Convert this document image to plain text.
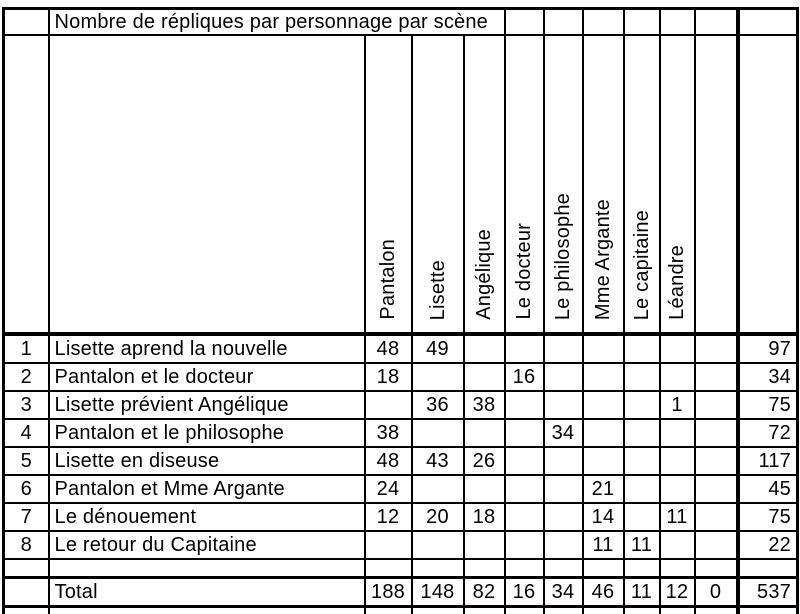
	Nombre de répliques par personnage par scène										
		Pantalon	Lisette	Angélique	Le docteur	Le philosophe	Mme Argante	Le capitaine	Léandre		
1	Lisette aprend la nouvelle	48	49								97
2	Pantalon et le docteur	18			16						34
3	Lisette prévient Angélique		36	38					1		75
4	Pantalon et le philosophe	38				34					72
5	Lisette en diseuse	48	43	26							117
6	Pantalon et Mme Argante	24					21				45
7	Le dénouement	12	20	18			14		11		75
8	Le retour du Capitaine						11	11			22

	Total	188	148	82	16	34	46	11	12	0	537
